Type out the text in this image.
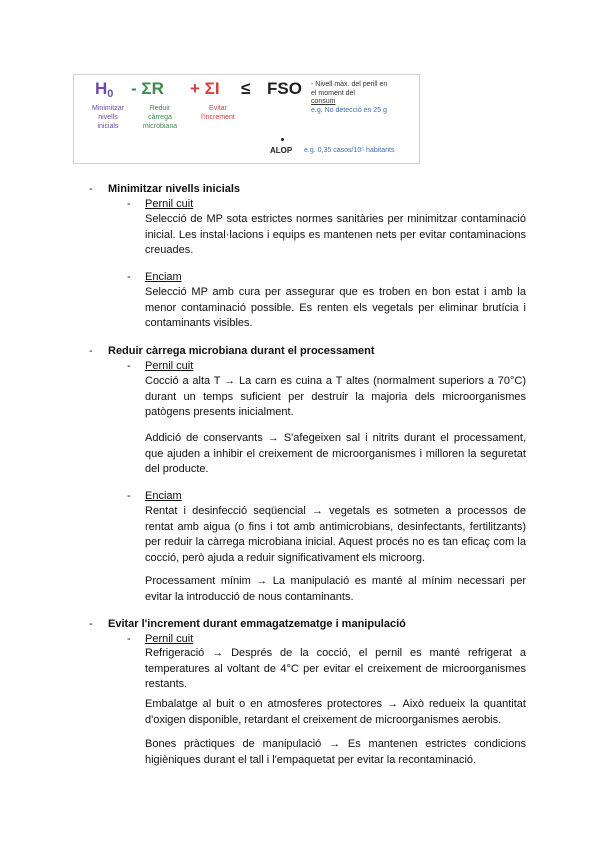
$H_0 - \Sigma R + \Sigma I$ ≤ FSO
Minimitzar
nivells
inicials
Reduir
càrrega
microbiana
Evitar
l'increment
- Nivell màx. del perill en
el moment del
consum
e.g. No detecció en 25 g
ALOP e.g. 0,35 casos/10⁵ habitants
- Minimitzar nivells inicials
- Pernil cuit
Selecció de MP sota estrictes normes sanitàries per minimitzar contaminació inicial. Les instal·lacions i equips es mantenen nets per evitar contaminacions creuades.
- Enciam
Selecció MP amb cura per assegurar que es troben en bon estat i amb la menor contaminació possible. Es renten els vegetals per eliminar brutícia i contaminants visibles.
- Reduir càrrega microbiana durant el processament
- Pernil cuit
Cocció a alta T → La carn es cuina a T altes (normalment superiors a 70°C) durant un temps suficient per destruir la majoria dels microorganismes patògens presents inicialment.
Addició de conservants → S'afegeixen sal i nitrits durant el processament, que ajuden a inhibir el creixement de microorganismes i milloren la seguretat del producte.
- Enciam
Rentat i desinfecció seqüencial → vegetals es sotmeten a processos de rentat amb aigua (o fins i tot amb antimicrobians, desinfectants, fertilitzants) per reduir la càrrega microbiana inicial. Aquest procés no es tan eficaç com la cocció, però ajuda a reduir significativament els microorg.
Processament mínim → La manipulació es manté al mínim necessari per evitar la introducció de nous contaminants.
- Evitar l'increment durant emmagatzematge i manipulació
- Pernil cuit
Refrigeració → Després de la cocció, el pernil es manté refrigerat a temperatures al voltant de 4°C per evitar el creixement de microorganismes restants.
Embalatge al buit o en atmosferes protectores → Això redueix la quantitat d'oxigen disponible, retardant el creixement de microorganismes aerobis.
Bones pràctiques de manipulació → Es mantenen estrictes condicions higièniques durant el tall i l'empaquetat per evitar la recontaminació.
